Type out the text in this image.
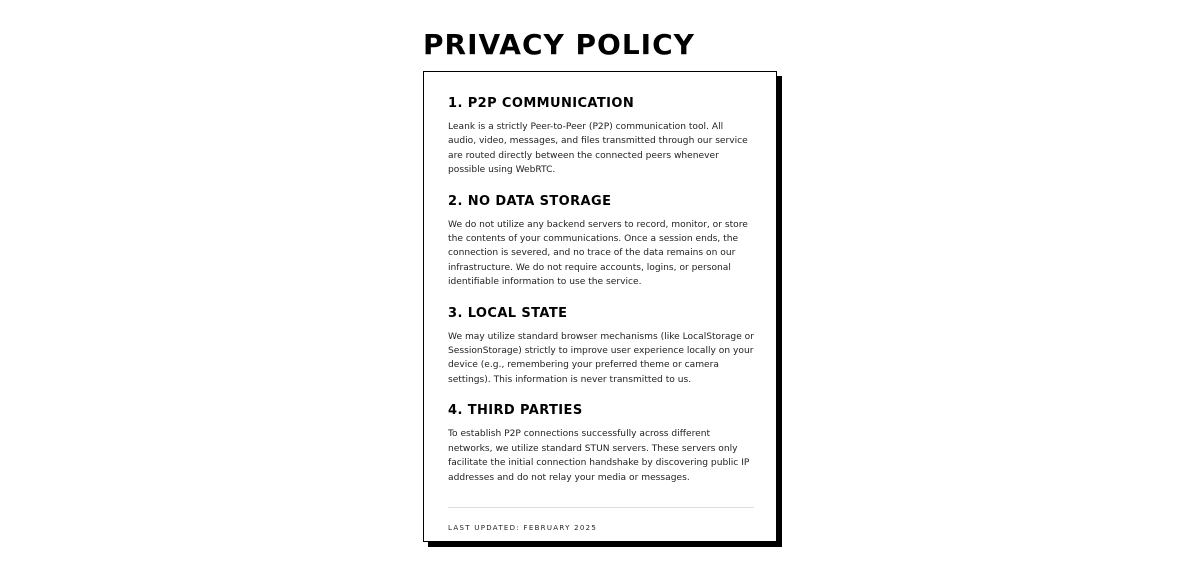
PRIVACY POLICY
1. P2P COMMUNICATION

Leank is a strictly Peer-to-Peer (P2P) communication tool. All audio, video, messages, and files transmitted through our service are routed directly between the connected peers whenever possible using WebRTC.

2. NO DATA STORAGE

We do not utilize any backend servers to record, monitor, or store the contents of your communications. Once a session ends, the connection is severed, and no trace of the data remains on our infrastructure. We do not require accounts, logins, or personal identifiable information to use the service.

3. LOCAL STATE

We may utilize standard browser mechanisms (like LocalStorage or SessionStorage) strictly to improve user experience locally on your device (e.g., remembering your preferred theme or camera settings). This information is never transmitted to us.

4. THIRD PARTIES

To establish P2P connections successfully across different networks, we utilize standard STUN servers. These servers only facilitate the initial connection handshake by discovering public IP addresses and do not relay your media or messages.

LAST UPDATED: FEBRUARY 2025
